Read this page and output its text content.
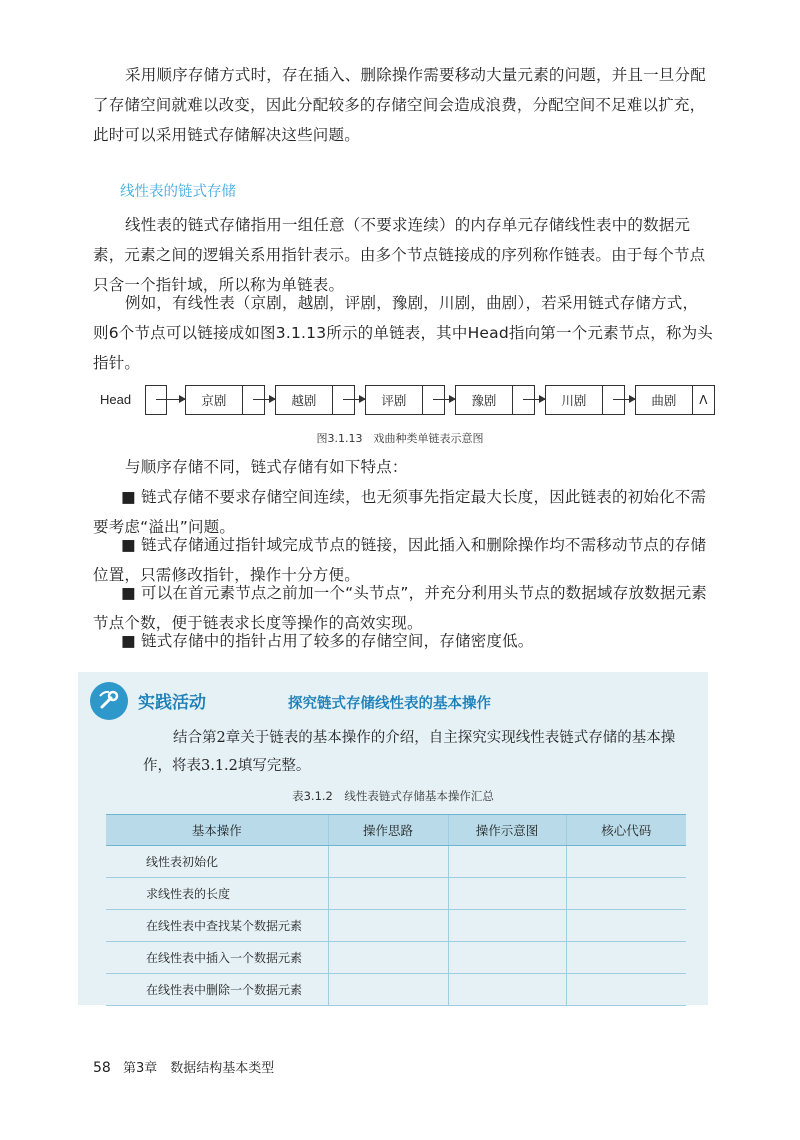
采用顺序存储方式时，存在插入、删除操作需要移动大量元素的问题，并且一旦分配了存储空间就难以改变，因此分配较多的存储空间会造成浪费，分配空间不足难以扩充，此时可以采用链式存储解决这些问题。

线性表的链式存储

线性表的链式存储指用一组任意（不要求连续）的内存单元存储线性表中的数据元素，元素之间的逻辑关系用指针表示。由多个节点链接成的序列称作链表。由于每个节点只含一个指针域，所以称为单链表。

例如，有线性表（京剧，越剧，评剧，豫剧，川剧，曲剧），若采用链式存储方式，则6个节点可以链接成如图3.1.13所示的单链表，其中Head指向第一个元素节点，称为头指针。

Head	京剧	越剧	评剧	豫剧	川剧	曲剧	Λ
图3.1.13　戏曲种类单链表示意图

与顺序存储不同，链式存储有如下特点：

■ 链式存储不要求存储空间连续，也无须事先指定最大长度，因此链表的初始化不需要考虑“溢出”问题。

■ 链式存储通过指针域完成节点的链接，因此插入和删除操作均不需移动节点的存储位置，只需修改指针，操作十分方便。

■ 可以在首元素节点之前加一个“头节点”，并充分利用头节点的数据域存放数据元素节点个数，便于链表求长度等操作的高效实现。

■ 链式存储中的指针占用了较多的存储空间，存储密度低。

实践活动	探究链式存储线性表的基本操作

结合第2章关于链表的基本操作的介绍，自主探究实现线性表链式存储的基本操作，将表3.1.2填写完整。

表3.1.2　线性表链式存储基本操作汇总
基本操作	操作思路	操作示意图	核心代码
线性表初始化			
求线性表的长度			
在线性表中查找某个数据元素			
在线性表中插入一个数据元素			
在线性表中删除一个数据元素			
58 第3章　数据结构基本类型
